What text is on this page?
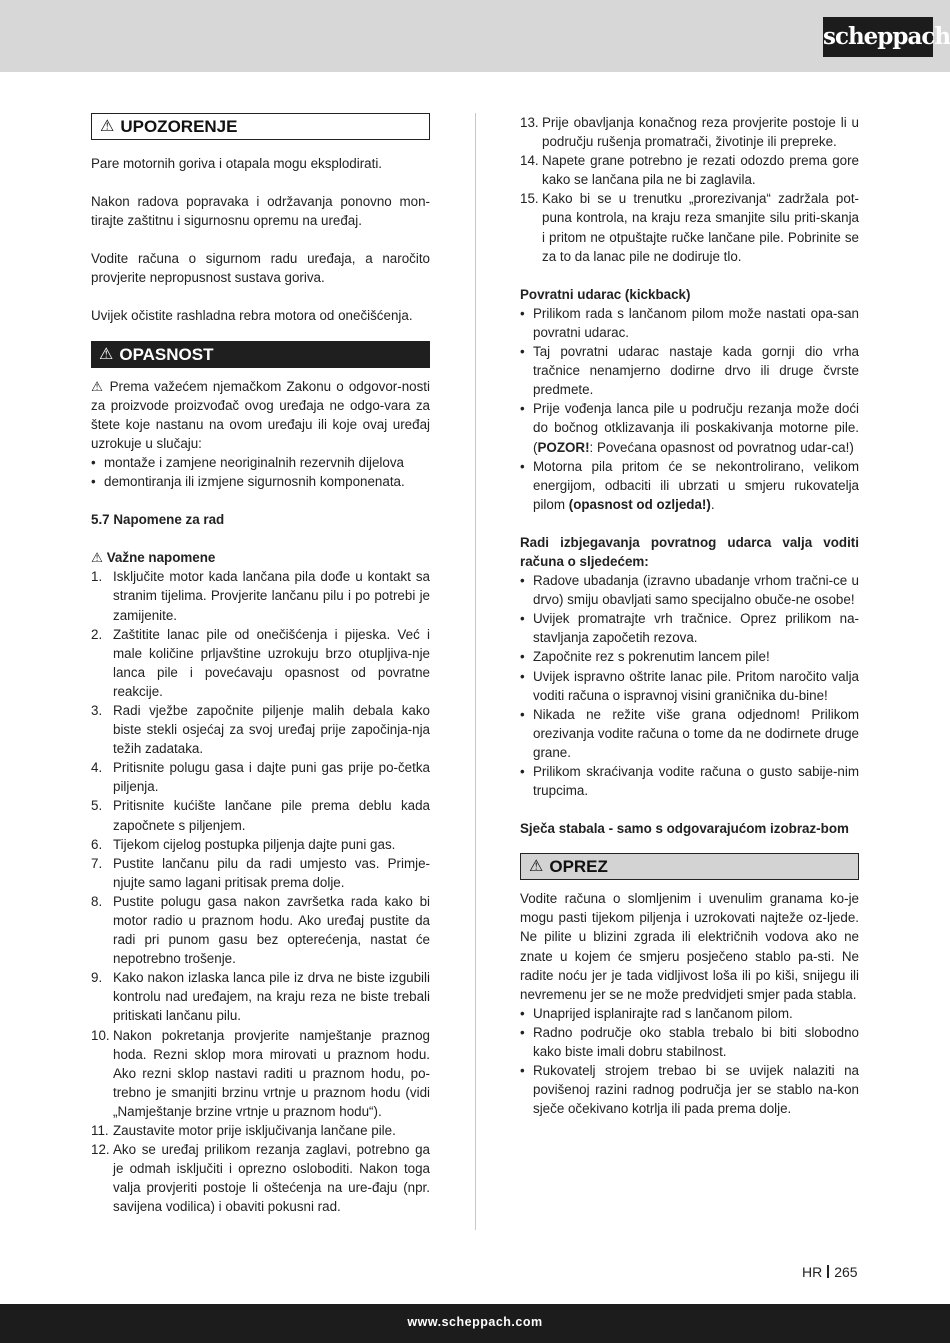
scheppach
⚠ UPOZORENJE

Pare motornih goriva i otapala mogu eksplodirati.

Nakon radova popravaka i održavanja ponovno mon-tirajte zaštitnu i sigurnosnu opremu na uređaj.

Vodite računa o sigurnom radu uređaja, a naročito provjerite nepropusnost sustava goriva.

Uvijek očistite rashladna rebra motora od onečišćenja.

⚠ OPASNOST

⚠ Prema važećem njemačkom Zakonu o odgovor-nosti za proizvode proizvođač ovog uređaja ne odgo-vara za štete koje nastanu na ovom uređaju ili koje ovaj uređaj uzrokuje u slučaju:

• montaže i zamjene neoriginalnih rezervnih dijelova
• demontiranja ili izmjene sigurnosnih komponenata.

5.7 Napomene za rad

⚠ Važne napomene

1. Isključite motor kada lančana pila dođe u kontakt sa stranim tijelima. Provjerite lančanu pilu i po potrebi je zamijenite.
2. Zaštitite lanac pile od onečišćenja i pijeska. Već i male količine prljavštine uzrokuju brzo otupljiva-nje lanca pile i povećavaju opasnost od povratne reakcije.
3. Radi vježbe započnite piljenje malih debala kako biste stekli osjećaj za svoj uređaj prije započinja-nja težih zadataka.
4. Pritisnite polugu gasa i dajte puni gas prije po-četka piljenja.
5. Pritisnite kućište lančane pile prema deblu kada započnete s piljenjem.
6. Tijekom cijelog postupka piljenja dajte puni gas.
7. Pustite lančanu pilu da radi umjesto vas. Primje-njujte samo lagani pritisak prema dolje.
8. Pustite polugu gasa nakon završetka rada kako bi motor radio u praznom hodu. Ako uređaj pustite da radi pri punom gasu bez opterećenja, nastat će nepotrebno trošenje.
9. Kako nakon izlaska lanca pile iz drva ne biste izgubili kontrolu nad uređajem, na kraju reza ne biste trebali pritiskati lančanu pilu.
10. Nakon pokretanja provjerite namještanje praznog hoda. Rezni sklop mora mirovati u praznom hodu. Ako rezni sklop nastavi raditi u praznom hodu, po-trebno je smanjiti brzinu vrtnje u praznom hodu (vidi „Namještanje brzine vrtnje u praznom hodu“).
11. Zaustavite motor prije isključivanja lančane pile.
12. Ako se uređaj prilikom rezanja zaglavi, potrebno ga je odmah isključiti i oprezno osloboditi. Nakon toga valja provjeriti postoje li oštećenja na ure-đaju (npr. savijena vodilica) i obaviti pokusni rad.
13. Prije obavljanja konačnog reza provjerite postoje li u području rušenja promatrači, životinje ili prepreke.
14. Napete grane potrebno je rezati odozdo prema gore kako se lančana pila ne bi zaglavila.
15. Kako bi se u trenutku „prorezivanja“ zadržala pot-puna kontrola, na kraju reza smanjite silu priti-skanja i pritom ne otpuštajte ručke lančane pile. Pobrinite se za to da lanac pile ne dodiruje tlo.

Povratni udarac (kickback)

• Prilikom rada s lančanom pilom može nastati opa-san povratni udarac.
• Taj povratni udarac nastaje kada gornji dio vrha tračnice nenamjerno dodirne drvo ili druge čvrste predmete.
• Prije vođenja lanca pile u području rezanja može doći do bočnog otklizavanja ili poskakivanja motorne pile. (POZOR!: Povećana opasnost od povratnog udar-ca!)
• Motorna pila pritom će se nekontrolirano, velikom energijom, odbaciti ili ubrzati u smjeru rukovatelja pilom (opasnost od ozljeda!).

Radi izbjegavanja povratnog udarca valja voditi računa o sljedećem:

• Radove ubadanja (izravno ubadanje vrhom tračni-ce u drvo) smiju obavljati samo specijalno obuče-ne osobe!
• Uvijek promatrajte vrh tračnice. Oprez prilikom na-stavljanja započetih rezova.
• Započnite rez s pokrenutim lancem pile!
• Uvijek ispravno oštrite lanac pile. Pritom naročito valja voditi računa o ispravnoj visini graničnika du-bine!
• Nikada ne režite više grana odjednom! Prilikom orezivanja vodite računa o tome da ne dodirnete druge grane.
• Prilikom skraćivanja vodite računa o gusto sabije-nim trupcima.

Sječa stabala - samo s odgovarajućom izobraz-bom

⚠ OPREZ

Vodite računa o slomljenim i uvenulim granama ko-je mogu pasti tijekom piljenja i uzrokovati najteže oz-ljede. Ne pilite u blizini zgrada ili električnih vodova ako ne znate u kojem će smjeru posječeno stablo pa-sti. Ne radite noću jer je tada vidljivost loša ili po kiši, snijegu ili nevremenu jer se ne može predvidjeti smjer pada stabla.

• Unaprijed isplanirajte rad s lančanom pilom.
• Radno područje oko stabla trebalo bi biti slobodno kako biste imali dobru stabilnost.
• Rukovatelj strojem trebao bi se uvijek nalaziti na povišenoj razini radnog područja jer se stablo na-kon sječe očekivano kotrlja ili pada prema dolje.
HR 265
www.scheppach.com
